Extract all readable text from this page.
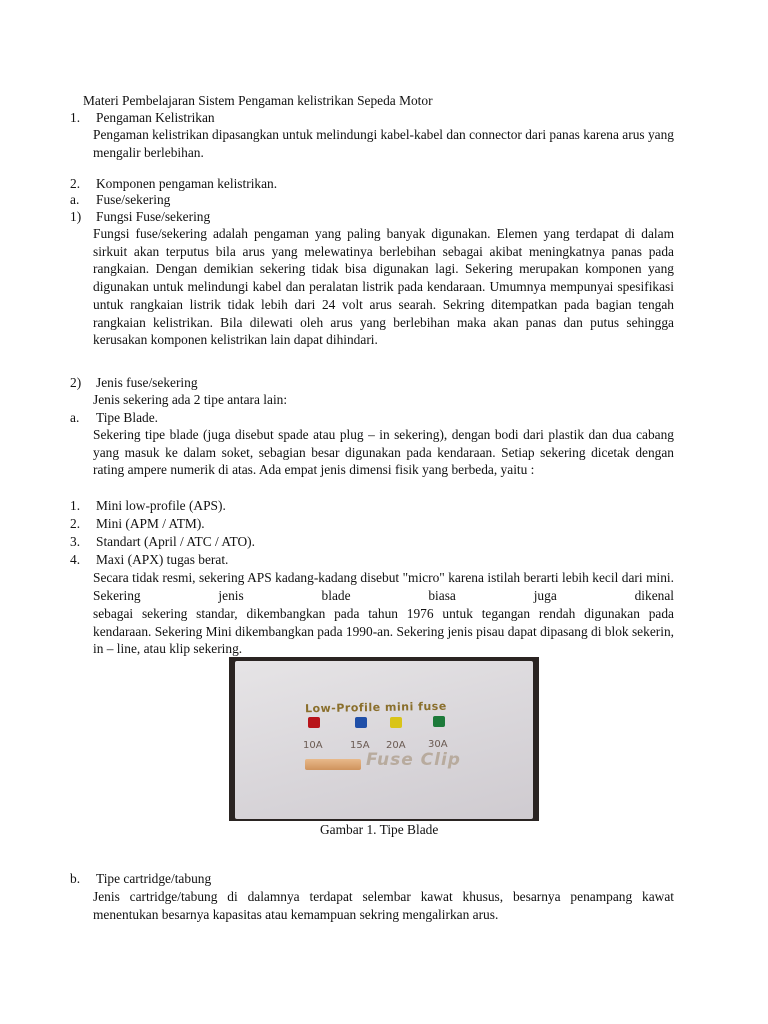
Materi Pembelajaran Sistem Pengaman kelistrikan Sepeda Motor
1. Pengaman Kelistrikan
Pengaman kelistrikan dipasangkan untuk melindungi kabel-kabel dan connector dari panas karena arus yang mengalir berlebihan.
2. Komponen pengaman kelistrikan.
a. Fuse/sekering
1) Fungsi Fuse/sekering
Fungsi fuse/sekering adalah pengaman yang paling banyak digunakan. Elemen yang terdapat di dalam sirkuit akan terputus bila arus yang melewatinya berlebihan sebagai akibat meningkatnya panas pada rangkaian. Dengan demikian sekering tidak bisa digunakan lagi. Sekering merupakan komponen yang digunakan untuk melindungi kabel dan peralatan listrik pada kendaraan. Umumnya mempunyai spesifikasi untuk rangkaian listrik tidak lebih dari 24 volt arus searah. Sekring ditempatkan pada bagian tengah rangkaian kelistrikan. Bila dilewati oleh arus yang berlebihan maka akan panas dan putus sehingga kerusakan komponen kelistrikan lain dapat dihindari.
2) Jenis fuse/sekering
Jenis sekering ada 2 tipe antara lain:
a. Tipe Blade.
Sekering tipe blade (juga disebut spade atau plug – in sekering), dengan bodi dari plastik dan dua cabang yang masuk ke dalam soket, sebagian besar digunakan pada kendaraan. Setiap sekering dicetak dengan rating ampere numerik di atas. Ada empat jenis dimensi fisik yang berbeda, yaitu :
1. Mini low-profile (APS).
2. Mini (APM / ATM).
3. Standart (April / ATC / ATO).
4. Maxi (APX) tugas berat.
Secara tidak resmi, sekering APS kadang-kadang disebut "micro" karena istilah berarti lebih kecil dari mini. Sekering jenis blade biasa juga dikenal
sebagai sekering standar, dikembangkan pada tahun 1976 untuk tegangan rendah digunakan pada kendaraan. Sekering Mini dikembangkan pada 1990-an. Sekering jenis pisau dapat dipasang di blok sekerin, in – line, atau klip sekering.
Low-Profile mini fuse
10A	15A 20A 30A
Fuse Clip
Gambar 1. Tipe Blade
b. Tipe cartridge/tabung
Jenis cartridge/tabung di dalamnya terdapat selembar kawat khusus, besarnya penampang kawat menentukan besarnya kapasitas atau kemampuan sekring mengalirkan arus.
